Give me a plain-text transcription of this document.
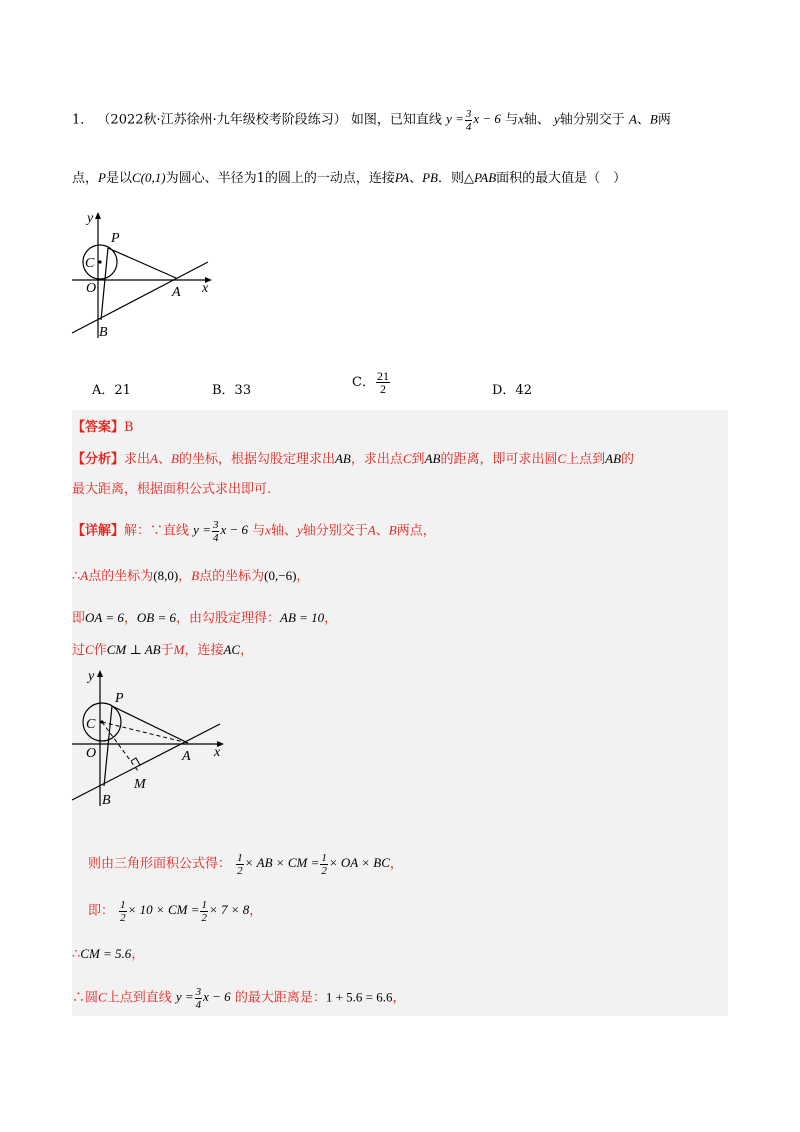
1． （2022秋·江苏徐州·九年级校考阶段练习） 如图，已知直线 $y = \frac{3}{4}$ x − 6 与x轴、 y轴分别交于 A、B两
点，P是以C(0,1)为圆心、半径为1的圆上的一动点，连接PA、PB．则△PAB面积的最大值是（　）
y
x
P
C
O	A
B
A．21	B．33
C． $\frac{21}{2}$	D．42
【答案】B
【分析】求出A、B的坐标，根据勾股定理求出AB，求出点C到AB的距离，即可求出圆C上点到AB的
最大距离，根据面积公式求出即可.
【详解】解：∵直线 $y = \frac{3}{4}$ x − 6 与x轴、y轴分别交于A、B两点，
∴A点的坐标为(8,0)，B点的坐标为(0,−6)，
即OA = 6，OB = 6，由勾股定理得：AB = 10，
过C作CM ⊥ AB于M，连接AC，
y
x
P
C
O	A
M
B
则由三角形面积公式得： $\frac{1}{2}$ × AB × CM = $\frac{1}{2}$ × OA × BC，
即： $\frac{1}{2} \times 10$ × CM = $\frac{1}{2} \times 7 \times 8$，
∴CM = 5.6，
∴圆C上点到直线 $y = \frac{3}{4}$ x − 6 的最大距离是：1 + 5.6 = 6.6，
